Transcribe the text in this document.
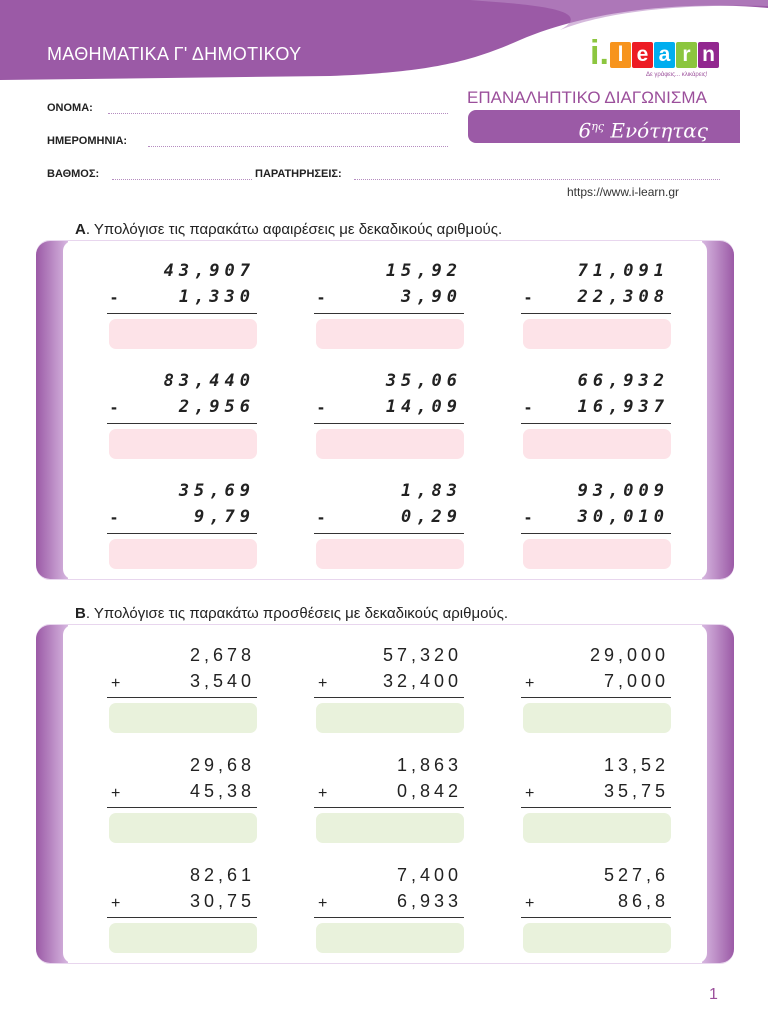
ΜΑΘΗΜΑΤΙΚΑ Γ' ΔΗΜΟΤΙΚΟΥ	i. l e a r n
Δε γράφεις... κλικάρεις!
ΕΠΑΝΑΛΗΠΤΙΚΟ ΔΙΑΓΩΝΙΣΜΑ
$6^{\eta\varsigma}$ Ενότητας
ΟΝΟΜΑ:
ΗΜΕΡΟΜΗΝΙΑ:
ΒΑΘΜΟΣ:	ΠΑΡΑΤΗΡΗΣΕΙΣ:
https://www.i-learn.gr
Α. Υπολόγισε τις παρακάτω αφαιρέσεις με δεκαδικούς αριθμούς.
43,907
-	1,330
15,92
-	3,90
71,091
-	22,308
83,440
-	2,956
35,06
-	14,09
66,932
-	16,937
35,69
-	9,79
1,83
-	0,29
93,009
-	30,010
Β. Υπολόγισε τις παρακάτω προσθέσεις με δεκαδικούς αριθμούς.
2,678
+	3,540
57,320
+	32,400
29,000
+	7,000
29,68
+	45,38
1,863
+	0,842
13,52
+	35,75
82,61
+	30,75
7,400
+	6,933
527,6
+	86,8
1
